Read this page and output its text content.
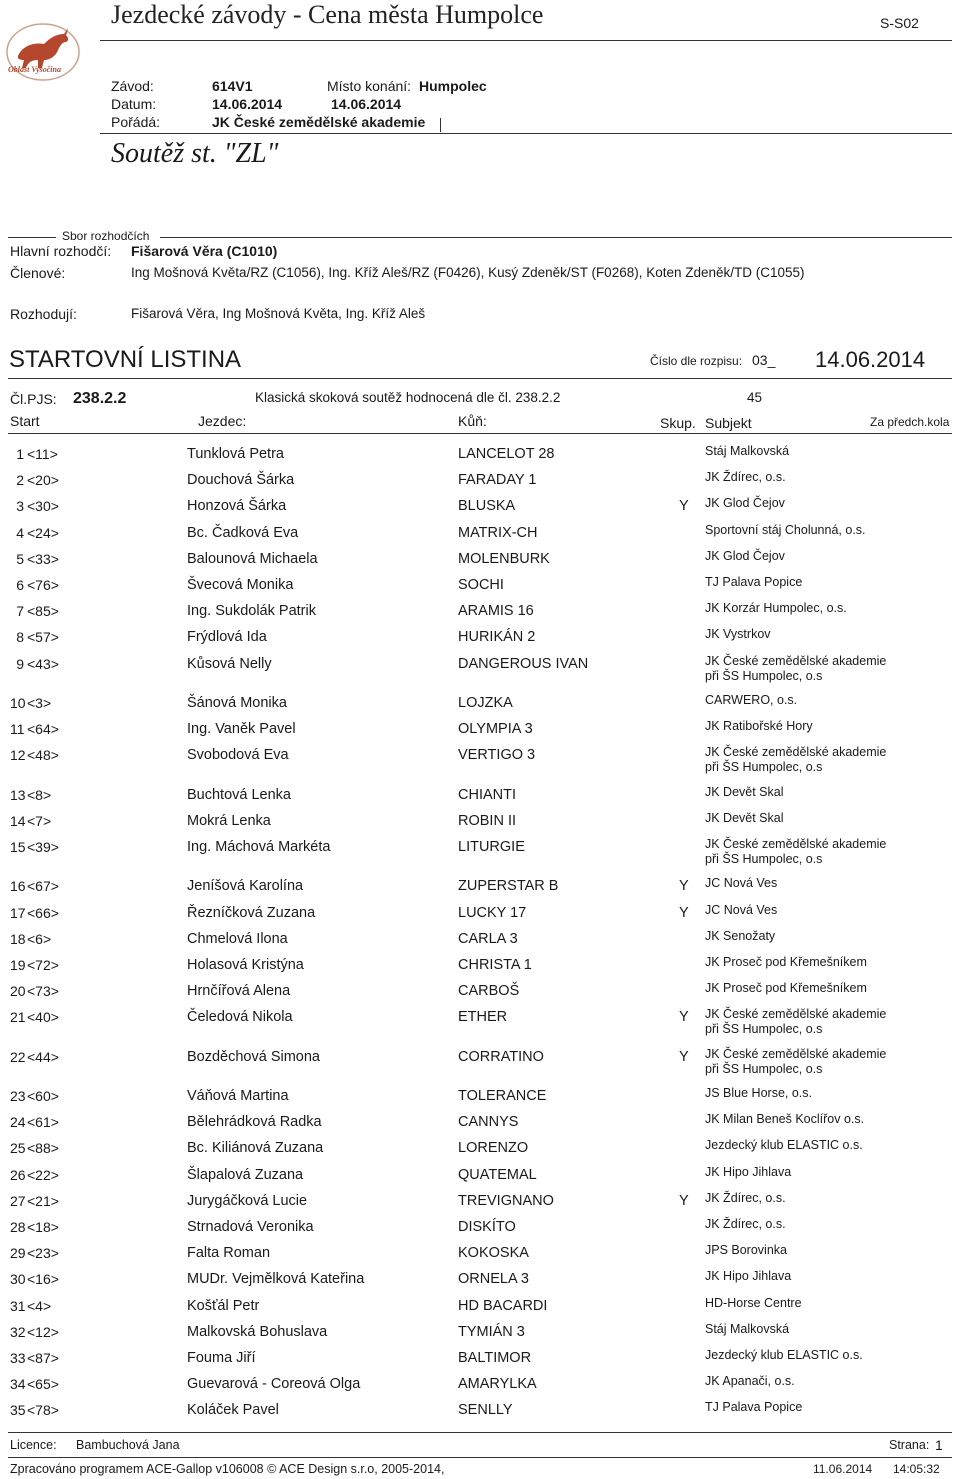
Oblast Vysočina
Jezdecké závody - Cena města Humpolce	S-S02
Závod:	614V1	Místo konání: Humpolec
Datum:	14.06.2014	14.06.2014
Pořádá:	JK České zemědělské akademie
Soutěž st. "ZL"
Sbor rozhodčích
Hlavní rozhodčí: Fišarová Věra (C1010)
Členové:	Ing Mošnová Květa/RZ (C1056), Ing. Kříž Aleš/RZ (F0426), Kusý Zdeněk/ST (F0268), Koten Zdeněk/TD (C1055)
Rozhodují:	Fišarová Věra, Ing Mošnová Květa, Ing. Kříž Aleš
STARTOVNÍ LISTINA	Číslo dle rozpisu: 03_ 14.06.2014
Čl.PJS: 238.2.2	Klasická skoková soutěž hodnocená dle čl. 238.2.2	45
Start	Jezdec:	Kůň:	Skup. Subjekt	Za předch.kola
1 <11>	Tunklová Petra	LANCELOT 28	Stáj Malkovská
2 <20>	Douchová Šárka	FARADAY 1	JK Ždírec, o.s.
3 <30>	Honzová Šárka	BLUSKA	Y JK Glod Čejov
4 <24>	Bc. Čadková Eva	MATRIX-CH	Sportovní stáj Cholunná, o.s.
5 <33>	Balounová Michaela	MOLENBURK	JK Glod Čejov
6 <76>	Švecová Monika	SOCHI	TJ Palava Popice
7 <85>	Ing. Sukdolák Patrik	ARAMIS 16	JK Korzár Humpolec, o.s.
8 <57>	Frýdlová Ida	HURIKÁN 2	JK Vystrkov
9 <43>	Kůsová Nelly	DANGEROUS IVAN	JK České zemědělské akademie
při ŠS Humpolec, o.s
10 <3>	Šánová Monika	LOJZKA	CARWERO, o.s.
11 <64>	Ing. Vaněk Pavel	OLYMPIA 3	JK Ratibořské Hory
12 <48>	Svobodová Eva	VERTIGO 3	JK České zemědělské akademie
při ŠS Humpolec, o.s
13 <8>	Buchtová Lenka	CHIANTI	JK Devět Skal
14 <7>	Mokrá Lenka	ROBIN II	JK Devět Skal
15 <39>	Ing. Máchová Markéta	LITURGIE	JK České zemědělské akademie
při ŠS Humpolec, o.s
16 <67>	Jeníšová Karolína	ZUPERSTAR B	Y JC Nová Ves
17 <66>	Řezníčková Zuzana	LUCKY 17	Y JC Nová Ves
18 <6>	Chmelová Ilona	CARLA 3	JK Senožaty
19 <72>	Holasová Kristýna	CHRISTA 1	JK Proseč pod Křemešníkem
20 <73>	Hrnčířová Alena	CARBOŠ	JK Proseč pod Křemešníkem
21 <40>	Čeledová Nikola	ETHER	Y JK České zemědělské akademie
při ŠS Humpolec, o.s
22 <44>	Bozděchová Simona	CORRATINO	Y JK České zemědělské akademie
při ŠS Humpolec, o.s
23 <60>	Váňová Martina	TOLERANCE	JS Blue Horse, o.s.
24 <61>	Bělehrádková Radka	CANNYS	JK Milan Beneš Koclířov o.s.
25 <88>	Bc. Kiliánová Zuzana	LORENZO	Jezdecký klub ELASTIC o.s.
26 <22>	Šlapalová Zuzana	QUATEMAL	JK Hipo Jihlava
27 <21>	Jurygáčková Lucie	TREVIGNANO	Y JK Ždírec, o.s.
28 <18>	Strnadová Veronika	DISKÍTO	JK Ždírec, o.s.
29 <23>	Falta Roman	KOKOSKA	JPS Borovinka
30 <16>	MUDr. Vejmělková Kateřina	ORNELA 3	JK Hipo Jihlava
31 <4>	Košťál Petr	HD BACARDI	HD-Horse Centre
32 <12>	Malkovská Bohuslava	TYMIÁN 3	Stáj Malkovská
33 <87>	Fouma Jiří	BALTIMOR	Jezdecký klub ELASTIC o.s.
34 <65>	Guevarová - Coreová Olga	AMARYLKA	JK Apanači, o.s.
35 <78>	Koláček Pavel	SENLLY	TJ Palava Popice
Licence: Bambuchová Jana	Strana: 1
Zpracováno programem ACE-Gallop v106008 © ACE Design s.r.o, 2005-2014,	11.06.2014 14:05:32
